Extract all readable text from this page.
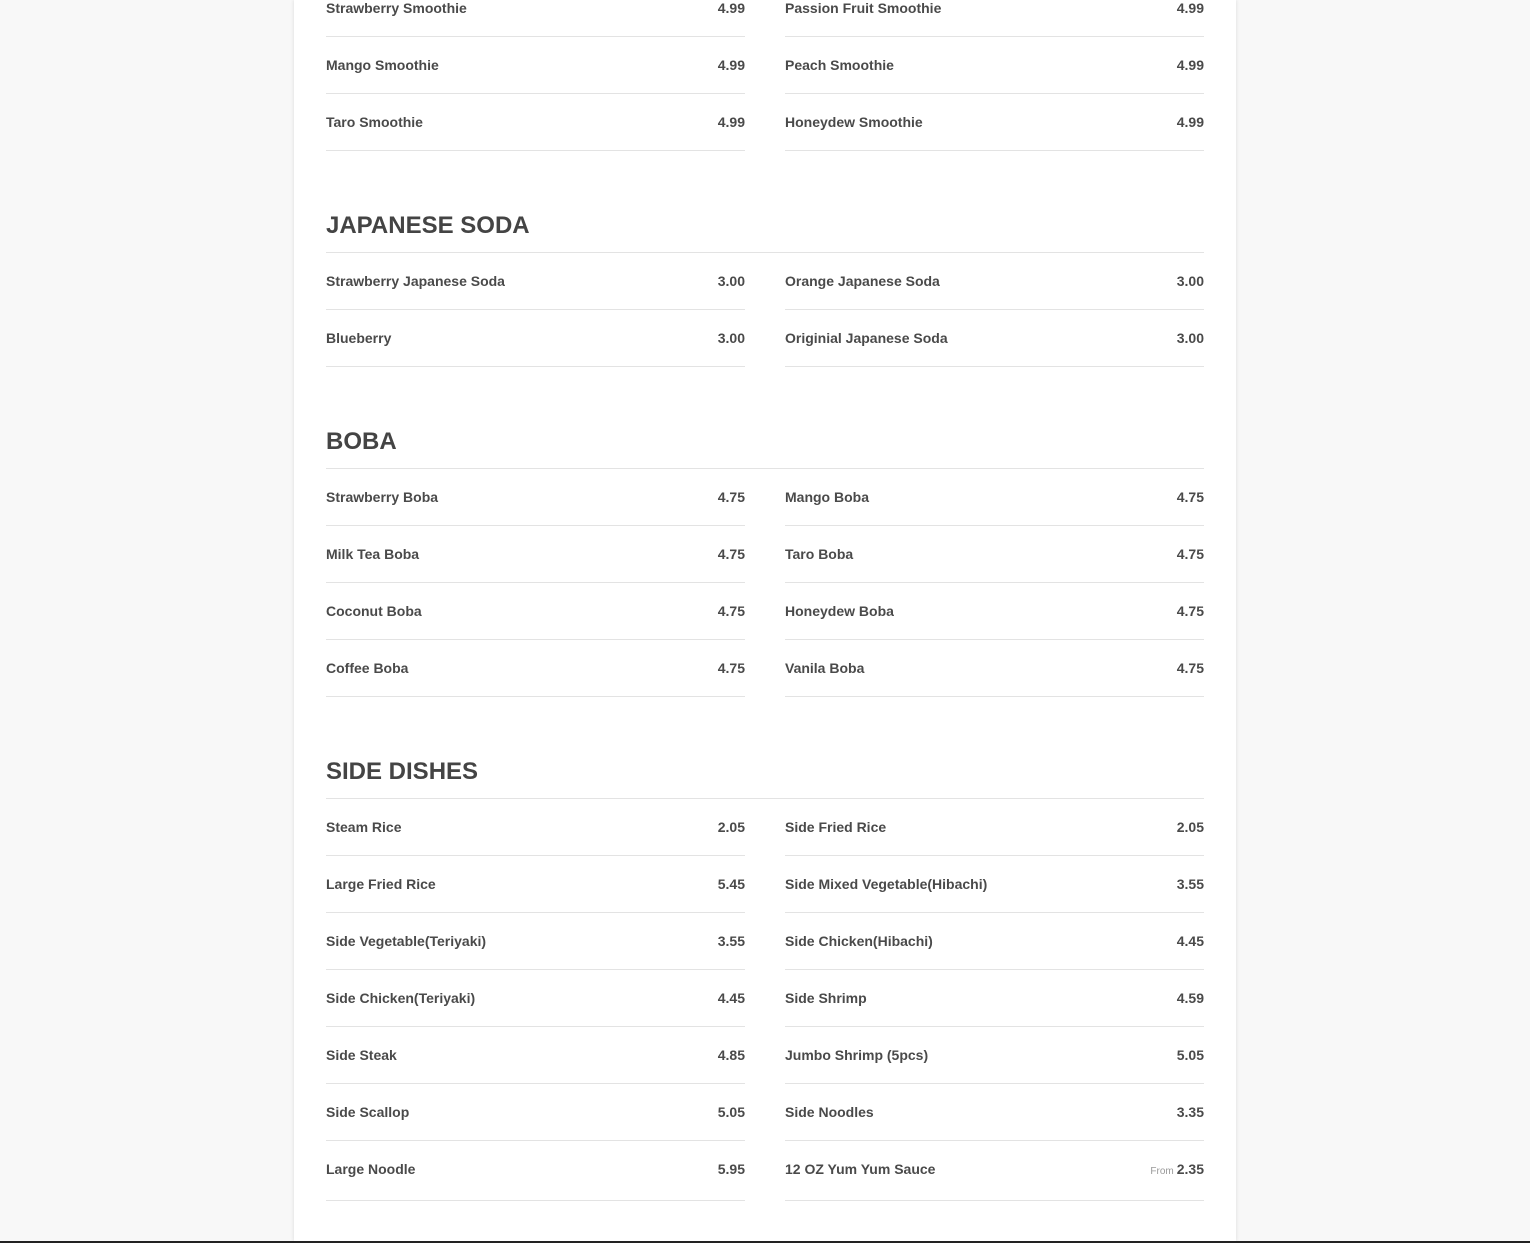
Strawberry Smoothie	4.99
Mango Smoothie	4.99
Taro Smoothie	4.99
Passion Fruit Smoothie	4.99
Peach Smoothie	4.99
Honeydew Smoothie	4.99
JAPANESE SODA
Strawberry Japanese Soda	3.00
Blueberry	3.00
Orange Japanese Soda	3.00
Originial Japanese Soda	3.00
BOBA
Strawberry Boba	4.75
Milk Tea Boba	4.75
Coconut Boba	4.75
Coffee Boba	4.75
Mango Boba	4.75
Taro Boba	4.75
Honeydew Boba	4.75
Vanila Boba	4.75
SIDE DISHES
Steam Rice	2.05
Large Fried Rice	5.45
Side Vegetable(Teriyaki)	3.55
Side Chicken(Teriyaki)	4.45
Side Steak	4.85
Side Scallop	5.05
Large Noodle	5.95
Side Fried Rice	2.05
Side Mixed Vegetable(Hibachi)	3.55
Side Chicken(Hibachi)	4.45
Side Shrimp	4.59
Jumbo Shrimp (5pcs)	5.05
Side Noodles	3.35
12 OZ Yum Yum Sauce	From 2.35
